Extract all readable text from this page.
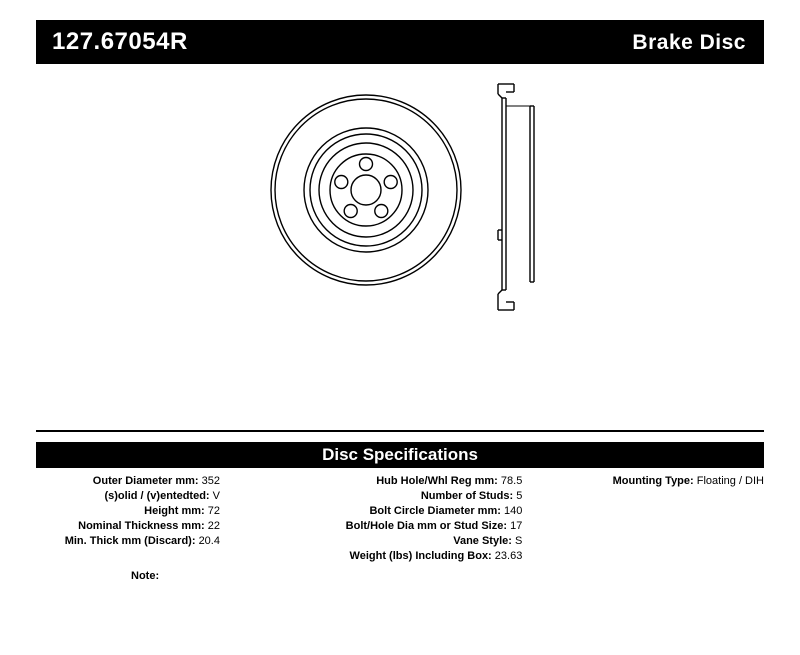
127.67054R	Brake Disc
Disc Specifications
Outer Diameter mm: 352
(s)olid / (v)entedted: V
Height mm: 72
Nominal Thickness mm: 22
Min. Thick mm (Discard): 20.4
Hub Hole/Whl Reg mm: 78.5
Number of Studs: 5
Bolt Circle Diameter mm: 140
Bolt/Hole Dia mm or Stud Size: 17
Vane Style: S
Weight (lbs) Including Box: 23.63
Mounting Type: Floating / DIH
Note:
